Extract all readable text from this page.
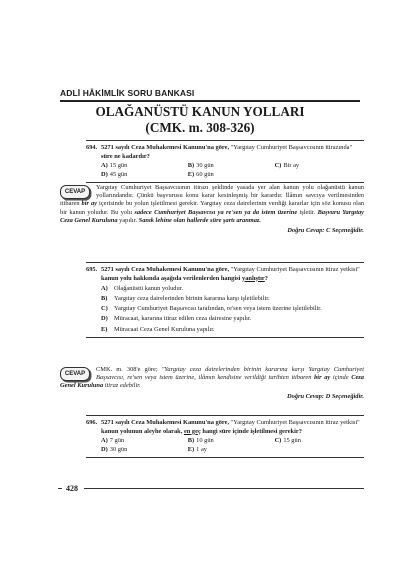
ADLİ HÂKİMLİK SORU BANKASI
OLAĞANÜSTÜ KANUN YOLLARI
(CMK. m. 308-326)
694. 5271 sayılı Ceza Muhakemesi Kanunu'na göre, "Yargıtay Cumhuriyet Başsavcısının itirazında" süre ne kadardır?
A) 15 gün	B) 30 gün	C) Bir ay
D) 45 gün	E) 60 gün
CEVAP
Yargıtay Cumhuriyet Başsavcısının itirazı şeklinde yasada yer alan kanun yolu olağanüstü kanun yollarındandır. Çünkü başvurusu konu karar kesinleşmiş bir karardır. İlâmın savcıya verilmesinden itibaren bir ay içerisinde bu yolun işletilmesi gerekir. Yargıtay ceza dairelerinin verdiği kararlar için söz konusu olan bir kanun yoludur. Bu yolu sadece Cumhuriyet Başsavcısı ya re'sen ya da istem üzerine işletir. Başvuru Yargıtay Ceza Genel Kuruluna yapılır. Sanık lehine olan hallerde süre şartı aranmaz.
Doğru Cevap: C Seçeneğidir.
695. 5271 sayılı Ceza Muhakemesi Kanunu'na göre, "Yargıtay Cumhuriyet Başsavcısının itiraz yetkisi" kanun yolu hakkında aşağıda verilenlerden hangisi yanlıştır?
A) Olağanüstü kanun yoludur.
B) Yargıtay ceza dairelerinden birinin kararına karşı işletilebilir.
C) Yargıtay Cumhuriyet Başsavcısı tarafından, re'sen veya istem üzerine işletilebilir.
D) Müracaat, kararına itiraz edilen ceza dairesine yapılır.
E) Müracaat Ceza Genel Kuruluna yapılır.
CEVAP
CMK. m. 308'e göre; "Yargıtay ceza dairelerinden birinin kararına karşı Yargıtay Cumhuriyet Başsavcısı, re'sen veya istem üzerine, ilâmın kendisine verildiği tarihten itibaren bir ay içinde Ceza Genel Kuruluna itiraz edebilir.
Doğru Cevap: D Seçeneğidir.
696. 5271 sayılı Ceza Muhakemesi Kanunu'na göre, "Yargıtay Cumhuriyet Başsavcısının itiraz yetkisi" kanun yolunun aleyhe olarak, en geç hangi süre içinde işletilmesi gerekir?
A) 7 gün	B) 10 gün	C) 15 gün
D) 30 gün	E) 1 ay
428
